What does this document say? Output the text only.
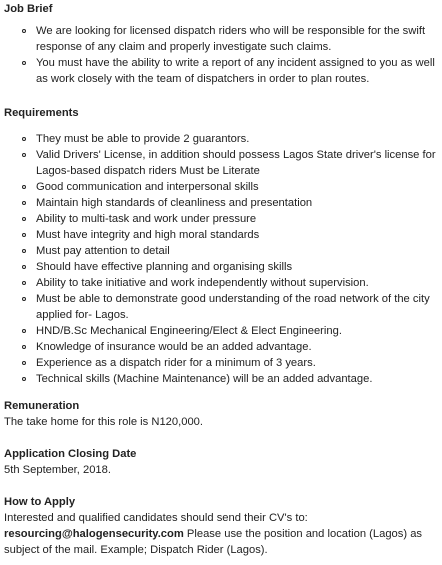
Job Brief

We are looking for licensed dispatch riders who will be responsible for the swift response of any claim and properly investigate such claims.
You must have the ability to write a report of any incident assigned to you as well as work closely with the team of dispatchers in order to plan routes.

Requirements

They must be able to provide 2 guarantors.
Valid Drivers' License, in addition should possess Lagos State driver's license for Lagos-based dispatch riders Must be Literate
Good communication and interpersonal skills
Maintain high standards of cleanliness and presentation
Ability to multi-task and work under pressure
Must have integrity and high moral standards
Must pay attention to detail
Should have effective planning and organising skills
Ability to take initiative and work independently without supervision.
Must be able to demonstrate good understanding of the road network of the city applied for- Lagos.
HND/B.Sc Mechanical Engineering/Elect & Elect Engineering.
Knowledge of insurance would be an added advantage.
Experience as a dispatch rider for a minimum of 3 years.
Technical skills (Machine Maintenance) will be an added advantage.

Remuneration

The take home for this role is N120,000.

Application Closing Date

5th September, 2018.

How to Apply

Interested and qualified candidates should send their CV's to:

resourcing@halogensecurity.com Please use the position and location (Lagos) as subject of the mail. Example; Dispatch Rider (Lagos).
